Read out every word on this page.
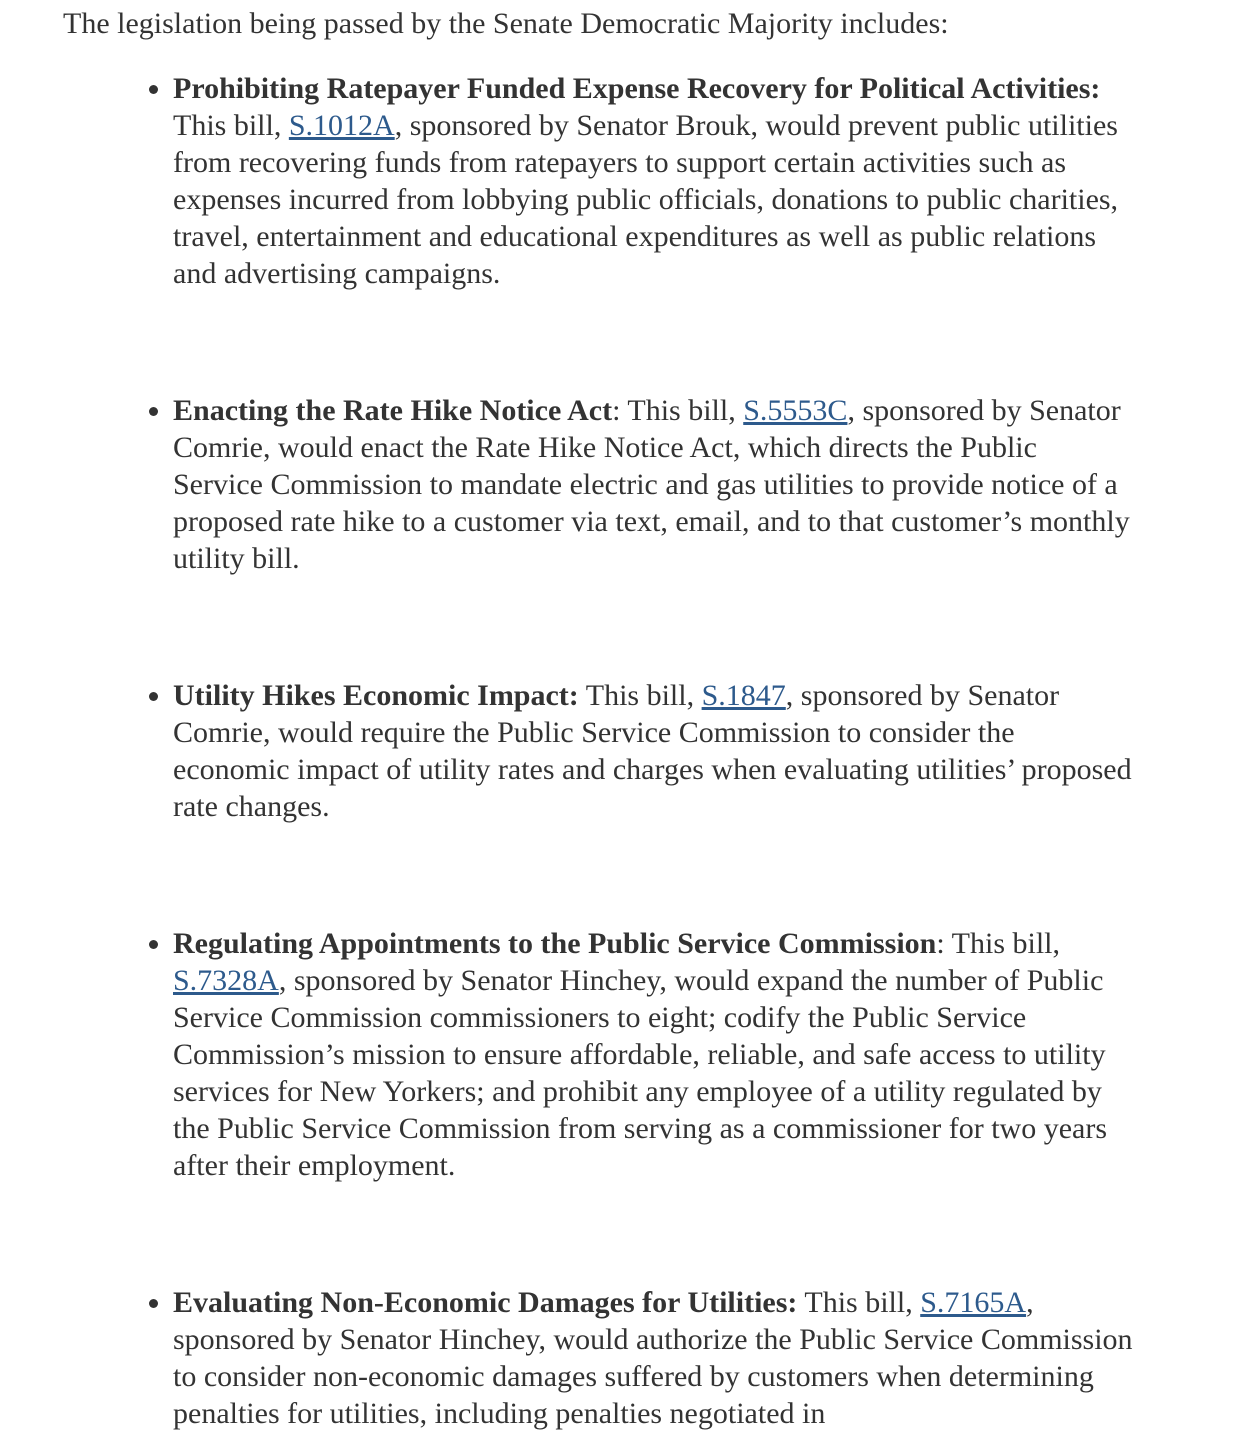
The legislation being passed by the Senate Democratic Majority includes:

• Prohibiting Ratepayer Funded Expense Recovery for Political Activities: This bill, S.1012A, sponsored by Senator Brouk, would prevent public utilities from recovering funds from ratepayers to support certain activities such as expenses incurred from lobbying public officials, donations to public charities, travel, entertainment and educational expenditures as well as public relations and advertising campaigns.
• Enacting the Rate Hike Notice Act: This bill, S.5553C, sponsored by Senator Comrie, would enact the Rate Hike Notice Act, which directs the Public Service Commission to mandate electric and gas utilities to provide notice of a proposed rate hike to a customer via text, email, and to that customer’s monthly utility bill.
• Utility Hikes Economic Impact: This bill, S.1847, sponsored by Senator Comrie, would require the Public Service Commission to consider the economic impact of utility rates and charges when evaluating utilities’ proposed rate changes.
• Regulating Appointments to the Public Service Commission: This bill, S.7328A, sponsored by Senator Hinchey, would expand the number of Public Service Commission commissioners to eight; codify the Public Service Commission’s mission to ensure affordable, reliable, and safe access to utility services for New Yorkers; and prohibit any employee of a utility regulated by the Public Service Commission from serving as a commissioner for two years after their employment.
• Evaluating Non-Economic Damages for Utilities: This bill, S.7165A, sponsored by Senator Hinchey, would authorize the Public Service Commission to consider non-economic damages suffered by customers when determining penalties for utilities, including penalties negotiated in
